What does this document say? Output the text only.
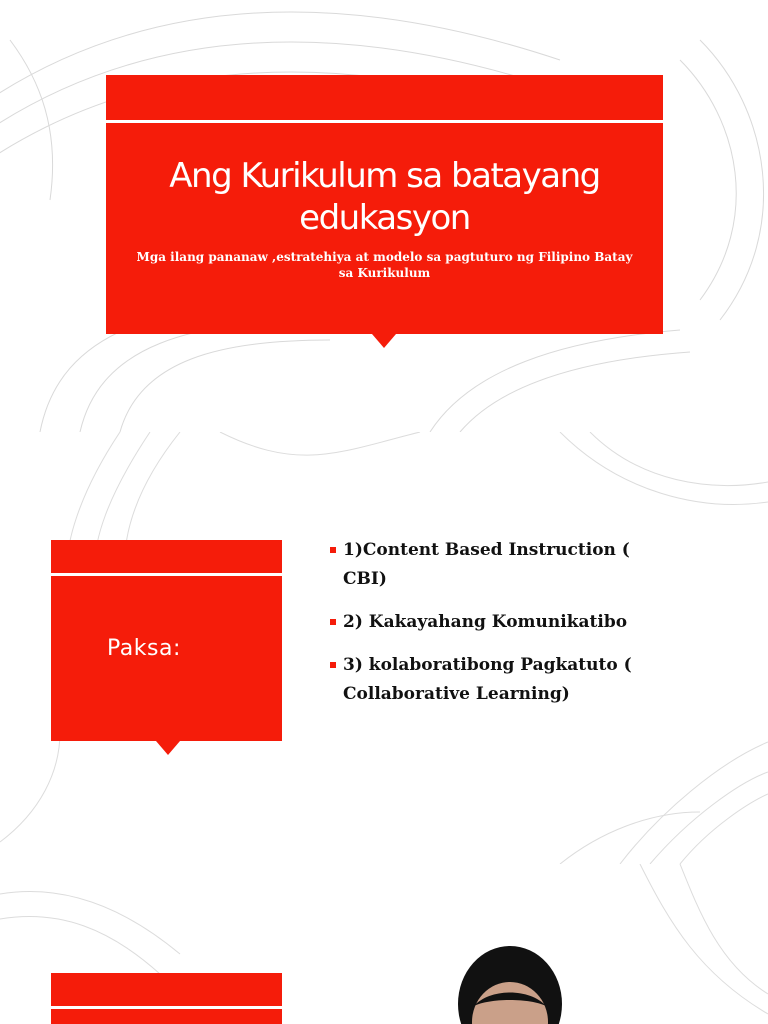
Ang Kurikulum sa batayang
edukasyon
Mga ilang pananaw ,estratehiya at modelo sa pagtuturo ng Filipino Batay
sa Kurikulum
Paksa:
1)Content Based Instruction (
CBI)
2) Kakayahang Komunikatibo
3) kolaboratibong Pagkatuto (
Collaborative Learning)
